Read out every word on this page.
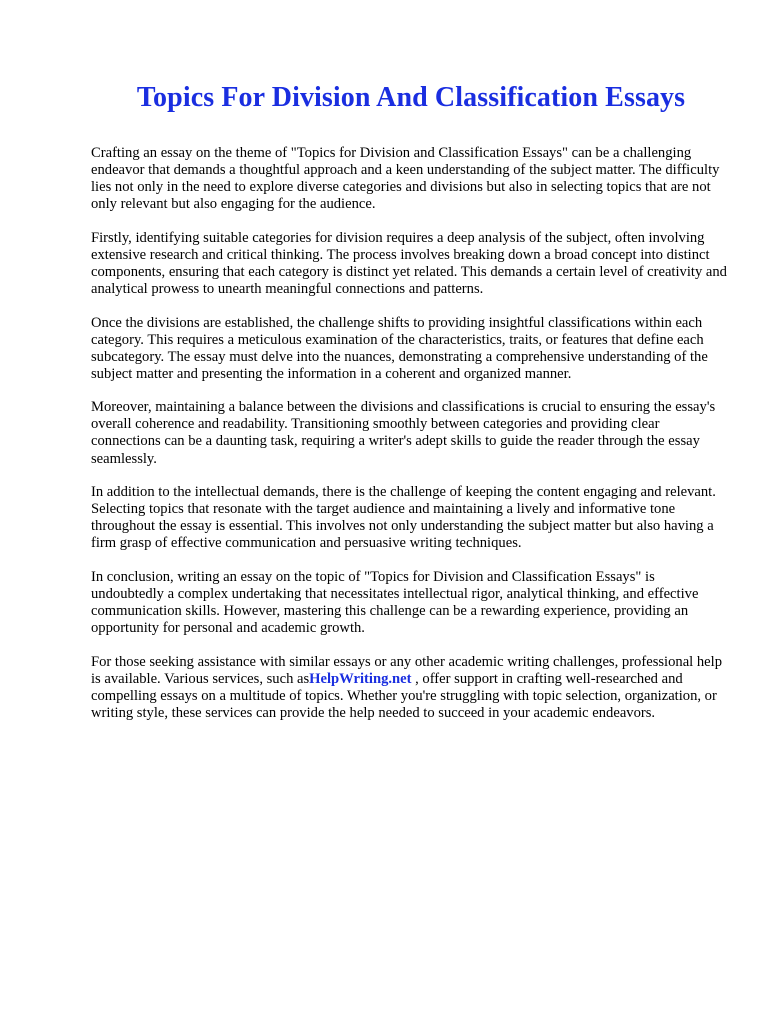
Topics For Division And Classification Essays

Crafting an essay on the theme of "Topics for Division and Classification Essays" can be a challenging endeavor that demands a thoughtful approach and a keen understanding of the subject matter. The difficulty lies not only in the need to explore diverse categories and divisions but also in selecting topics that are not only relevant but also engaging for the audience.

Firstly, identifying suitable categories for division requires a deep analysis of the subject, often involving extensive research and critical thinking. The process involves breaking down a broad concept into distinct components, ensuring that each category is distinct yet related. This demands a certain level of creativity and analytical prowess to unearth meaningful connections and patterns.

Once the divisions are established, the challenge shifts to providing insightful classifications within each category. This requires a meticulous examination of the characteristics, traits, or features that define each subcategory. The essay must delve into the nuances, demonstrating a comprehensive understanding of the subject matter and presenting the information in a coherent and organized manner.

Moreover, maintaining a balance between the divisions and classifications is crucial to ensuring the essay's overall coherence and readability. Transitioning smoothly between categories and providing clear connections can be a daunting task, requiring a writer's adept skills to guide the reader through the essay seamlessly.

In addition to the intellectual demands, there is the challenge of keeping the content engaging and relevant. Selecting topics that resonate with the target audience and maintaining a lively and informative tone throughout the essay is essential. This involves not only understanding the subject matter but also having a firm grasp of effective communication and persuasive writing techniques.

In conclusion, writing an essay on the topic of "Topics for Division and Classification Essays" is undoubtedly a complex undertaking that necessitates intellectual rigor, analytical thinking, and effective communication skills. However, mastering this challenge can be a rewarding experience, providing an opportunity for personal and academic growth.

For those seeking assistance with similar essays or any other academic writing challenges, professional help is available. Various services, such asHelpWriting.net , offer support in crafting well-researched and compelling essays on a multitude of topics. Whether you're struggling with topic selection, organization, or writing style, these services can provide the help needed to succeed in your academic endeavors.
